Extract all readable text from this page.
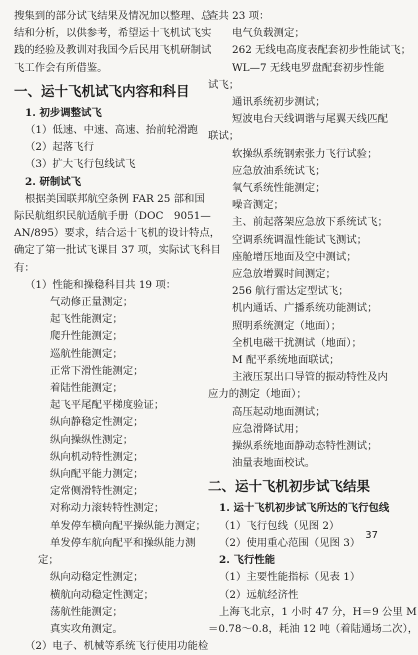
搜集到的部分试飞结果及情况加以整理、总
结和分析，以供参考，希望运十飞机试飞实
践的经验及教训对我国今后民用飞机研制试
飞工作会有所借鉴。
一、运十飞机试飞内容和科目
1. 初步调整试飞
（1）低速、中速、高速、抬前轮滑跑
（2）起落飞行
（3）扩大飞行包线试飞
2. 研制试飞
根据美国联邦航空条例 FAR 25 部和国
际民航组织民航适航手册（DOC　9051—
AN/895）要求，结合运十飞机的设计特点，
确定了第一批试飞课目 37 项，实际试飞科目
有：
（1）性能和操稳科目共 19 项：
气动修正量测定；
起飞性能测定；
爬升性能测定；
巡航性能测定；
正常下滑性能测定；
着陆性能测定；
起飞平尾配平梯度验证；
纵向静稳定性测定；
纵向操纵性测定；
纵向机动特性测定；
纵向配平能力测定；
定常侧滑特性测定；
对称动力滚转特性测定；
单发停车横向配平操纵能力测定；
单发停车航向配平和操纵能力测
定；
纵向动稳定性测定；
横航向动稳定性测定；
荡航性能测定；
真实攻角测定。
（2）电子、机械等系统飞行使用功能检
查共 23 项：
电气负载测定；
262 无线电高度表配套初步性能试飞；
WL—7 无线电罗盘配套初步性能
试飞；
通讯系统初步测试；
短波电台天线调谐与尾翼天线匹配
联试；
软操纵系统钢索张力飞行试验；
应急放油系统试飞；
氧气系统性能测定；
噪音测定；
主、前起落架应急放下系统试飞；
空调系统调温性能试飞测试；
座舱增压地面及空中测试；
应急放增翼时间测定；
256 航行雷达定型试飞；
机内通话、广播系统功能测试；
照明系统测定（地面）；
全机电磁干扰测试（地面）；
M 配平系统地面联试；
主液压泵出口导管的振动特性及内
应力的测定（地面）；
高压起动地面测试；
应急滑降试用；
操纵系统地面静动态特性测试；
油量表地面校试。
二、运十飞机初步试飞结果
1. 运十飞机初步试飞所达的飞行包线
（1）飞行包线（见图 2）
（2）使用重心范围（见图 3）
2. 飞行性能
（1）主要性能指标（见表 1）
（2）远航经济性
上海飞北京，1 小时 47 分，H＝9 公里 M
＝0.78～0.8，耗油 12 吨（着陆通场二次），
37
